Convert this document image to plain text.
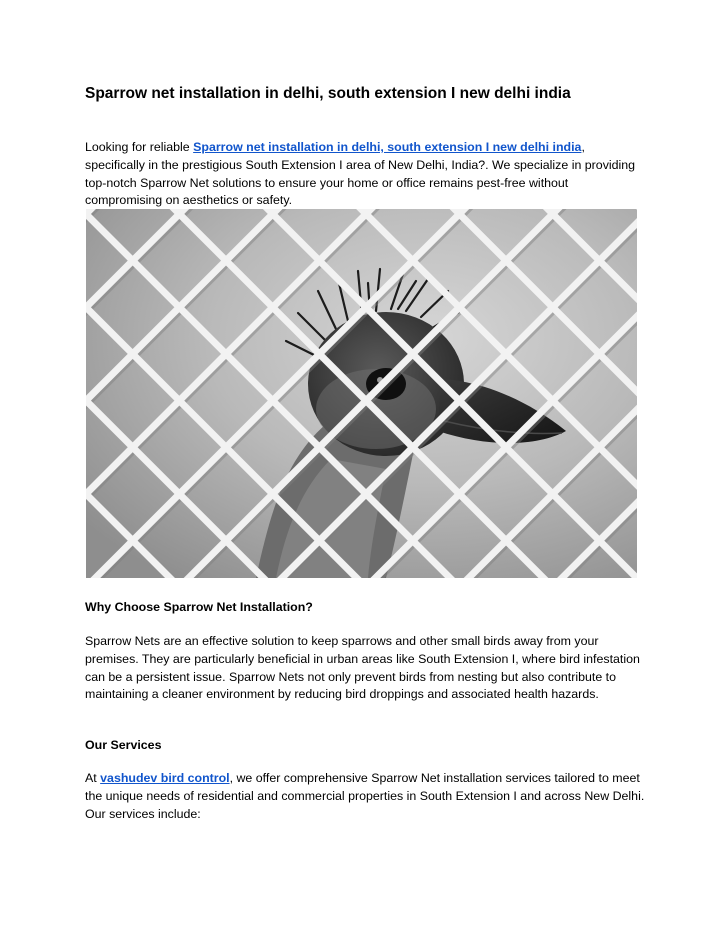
Sparrow net installation in delhi, south extension I new delhi india

Looking for reliable Sparrow net installation in delhi, south extension I new delhi india, specifically in the prestigious South Extension I area of New Delhi, India?. We specialize in providing top-notch Sparrow Net solutions to ensure your home or office remains pest-free without compromising on aesthetics or safety.

Why Choose Sparrow Net Installation?

Sparrow Nets are an effective solution to keep sparrows and other small birds away from your premises. They are particularly beneficial in urban areas like South Extension I, where bird infestation can be a persistent issue. Sparrow Nets not only prevent birds from nesting but also contribute to maintaining a cleaner environment by reducing bird droppings and associated health hazards.

Our Services

At vashudev bird control, we offer comprehensive Sparrow Net installation services tailored to meet the unique needs of residential and commercial properties in South Extension I and across New Delhi. Our services include:
